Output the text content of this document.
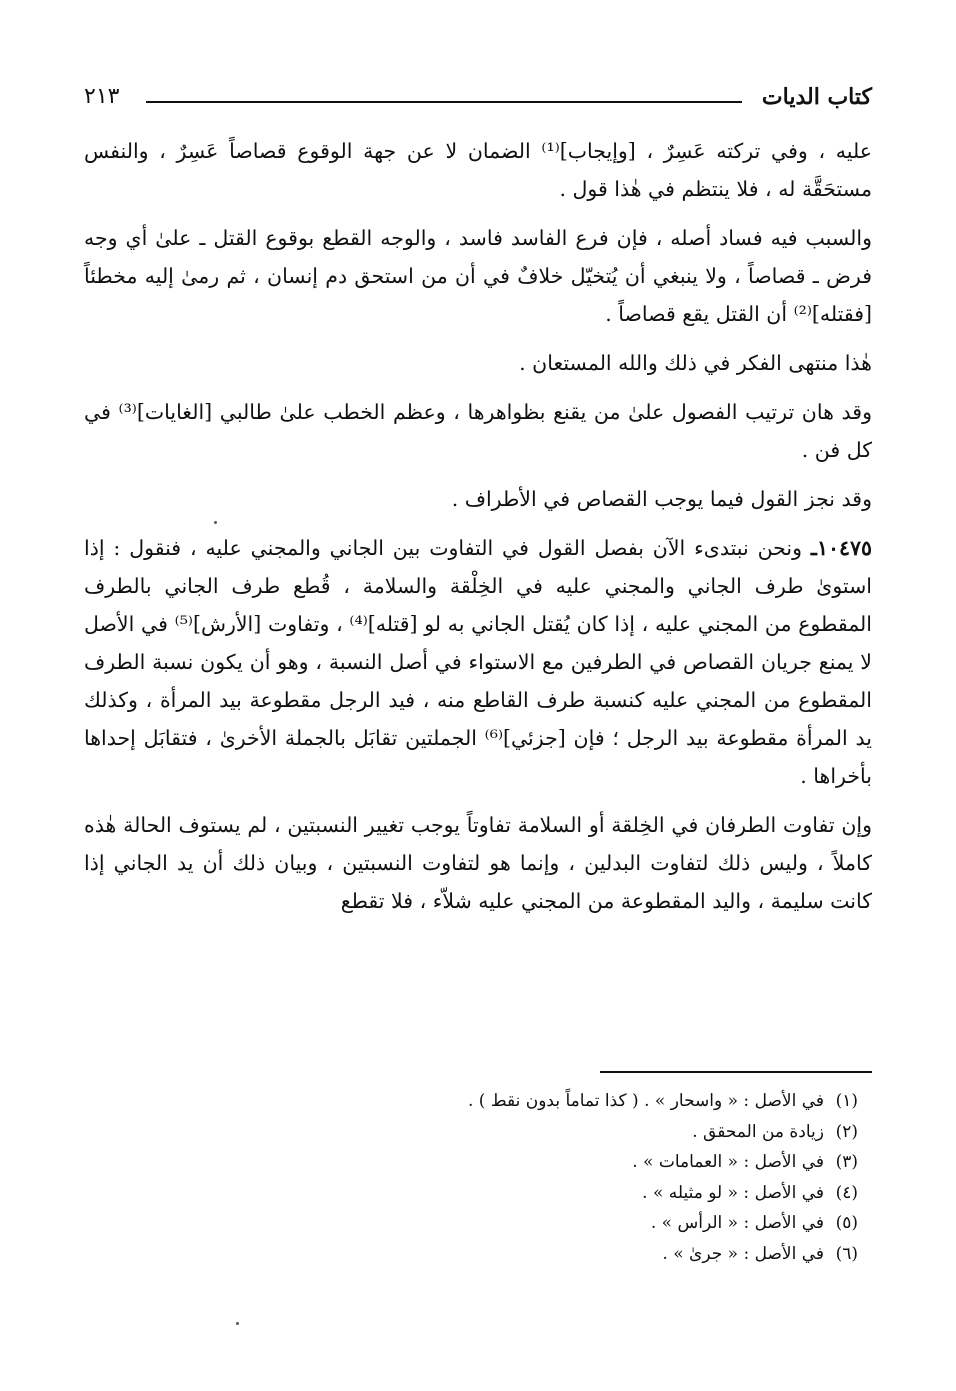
كتاب الديات
٢١٣

عليه ، وفي تركته عَسِرٌ ، [وإيجاب]⁽¹⁾ الضمان لا عن جهة الوقوع قصاصاً عَسِرٌ ، والنفس مستحَقَّة له ، فلا ينتظم في هٰذا قول .

والسبب فيه فساد أصله ، فإن فرع الفاسد فاسد ، والوجه القطع بوقوع القتل ـ علىٰ أي وجه فرض ـ قصاصاً ، ولا ينبغي أن يُتخيّل خلافٌ في أن من استحق دم إنسان ، ثم رمىٰ إليه مخطئاً [فقتله]⁽²⁾ أن القتل يقع قصاصاً .

هٰذا منتهى الفكر في ذلك والله المستعان .

وقد هان ترتيب الفصول علىٰ من يقنع بظواهرها ، وعظم الخطب علىٰ طالبي [الغايات]⁽³⁾ في كل فن .

وقد نجز القول فيما يوجب القصاص في الأطراف .

١٠٤٧٥ـ ونحن نبتدىء الآن بفصل القول في التفاوت بين الجاني والمجني عليه ، فنقول : إذا استوىٰ طرف الجاني والمجني عليه في الخِلْقة والسلامة ، قُطع طرف الجاني بالطرف المقطوع من المجني عليه ، إذا كان يُقتل الجاني به لو [قتله]⁽⁴⁾ ، وتفاوت [الأرش]⁽⁵⁾ في الأصل لا يمنع جريان القصاص في الطرفين مع الاستواء في أصل النسبة ، وهو أن يكون نسبة الطرف المقطوع من المجني عليه كنسبة طرف القاطع منه ، فيد الرجل مقطوعة بيد المرأة ، وكذلك يد المرأة مقطوعة بيد الرجل ؛ فإن [جزئي]⁽⁶⁾ الجملتين تقابَل بالجملة الأخرىٰ ، فتقابَل إحداها بأخراها .

وإن تفاوت الطرفان في الخِلقة أو السلامة تفاوتاً يوجب تغيير النسبتين ، لم يستوف الحالة هٰذه كاملاً ، وليس ذلك لتفاوت البدلين ، وإنما هو لتفاوت النسبتين ، وبيان ذلك أن يد الجاني إذا كانت سليمة ، واليد المقطوعة من المجني عليه شلاّء ، فلا تقطع

(١)في الأصل : « واسحار » . ( كذا تماماً بدون نقط ) .
(٢)زيادة من المحقق .
(٣)في الأصل : « العمامات » .
(٤)في الأصل : « لو مثيله » .
(٥)في الأصل : « الرأس » .
(٦)في الأصل : « جرىٰ » .
